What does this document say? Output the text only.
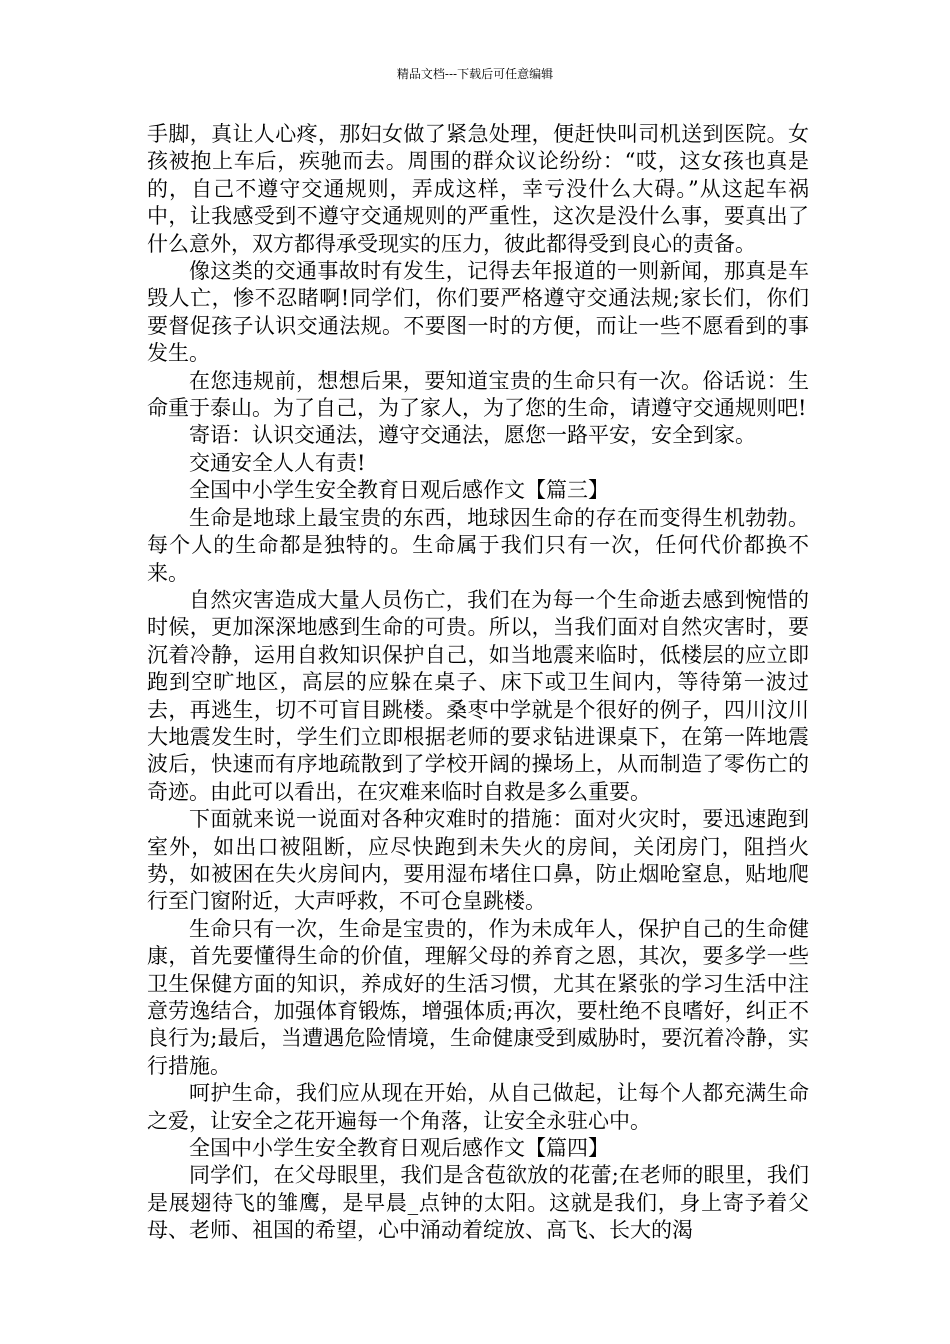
精品文档---下载后可任意编辑

手脚，真让人心疼，那妇女做了紧急处理，便赶快叫司机送到医院。女孩被抱上车后，疾驰而去。周围的群众议论纷纷：“哎，这女孩也真是的，自己不遵守交通规则，弄成这样，幸亏没什么大碍。”从这起车祸中，让我感受到不遵守交通规则的严重性，这次是没什么事，要真出了什么意外，双方都得承受现实的压力，彼此都得受到良心的责备。

像这类的交通事故时有发生，记得去年报道的一则新闻，那真是车毁人亡，惨不忍睹啊!同学们，你们要严格遵守交通法规;家长们，你们要督促孩子认识交通法规。不要图一时的方便，而让一些不愿看到的事发生。

在您违规前，想想后果，要知道宝贵的生命只有一次。俗话说：生命重于泰山。为了自己，为了家人，为了您的生命，请遵守交通规则吧!

寄语：认识交通法，遵守交通法，愿您一路平安，安全到家。

交通安全人人有责!

全国中小学生安全教育日观后感作文【篇三】

生命是地球上最宝贵的东西，地球因生命的存在而变得生机勃勃。每个人的生命都是独特的。生命属于我们只有一次，任何代价都换不来。

自然灾害造成大量人员伤亡，我们在为每一个生命逝去感到惋惜的时候，更加深深地感到生命的可贵。所以，当我们面对自然灾害时，要沉着冷静，运用自救知识保护自己，如当地震来临时，低楼层的应立即跑到空旷地区，高层的应躲在桌子、床下或卫生间内，等待第一波过去，再逃生，切不可盲目跳楼。桑枣中学就是个很好的例子，四川汶川大地震发生时，学生们立即根据老师的要求钻进课桌下，在第一阵地震波后，快速而有序地疏散到了学校开阔的操场上，从而制造了零伤亡的奇迹。由此可以看出，在灾难来临时自救是多么重要。

下面就来说一说面对各种灾难时的措施：面对火灾时，要迅速跑到室外，如出口被阻断，应尽快跑到未失火的房间，关闭房门，阻挡火势，如被困在失火房间内，要用湿布堵住口鼻，防止烟呛窒息，贴地爬行至门窗附近，大声呼救，不可仓皇跳楼。

生命只有一次，生命是宝贵的，作为未成年人，保护自己的生命健康，首先要懂得生命的价值，理解父母的养育之恩，其次，要多学一些卫生保健方面的知识，养成好的生活习惯，尤其在紧张的学习生活中注意劳逸结合，加强体育锻炼，增强体质;再次，要杜绝不良嗜好，纠正不良行为;最后，当遭遇危险情境，生命健康受到威胁时，要沉着冷静，实行措施。

呵护生命，我们应从现在开始，从自己做起，让每个人都充满生命之爱，让安全之花开遍每一个角落，让安全永驻心中。

全国中小学生安全教育日观后感作文【篇四】

同学们，在父母眼里，我们是含苞欲放的花蕾;在老师的眼里，我们是展翅待飞的雏鹰，是早晨_点钟的太阳。这就是我们，身上寄予着父母、老师、祖国的希望，心中涌动着绽放、高飞、长大的渴
